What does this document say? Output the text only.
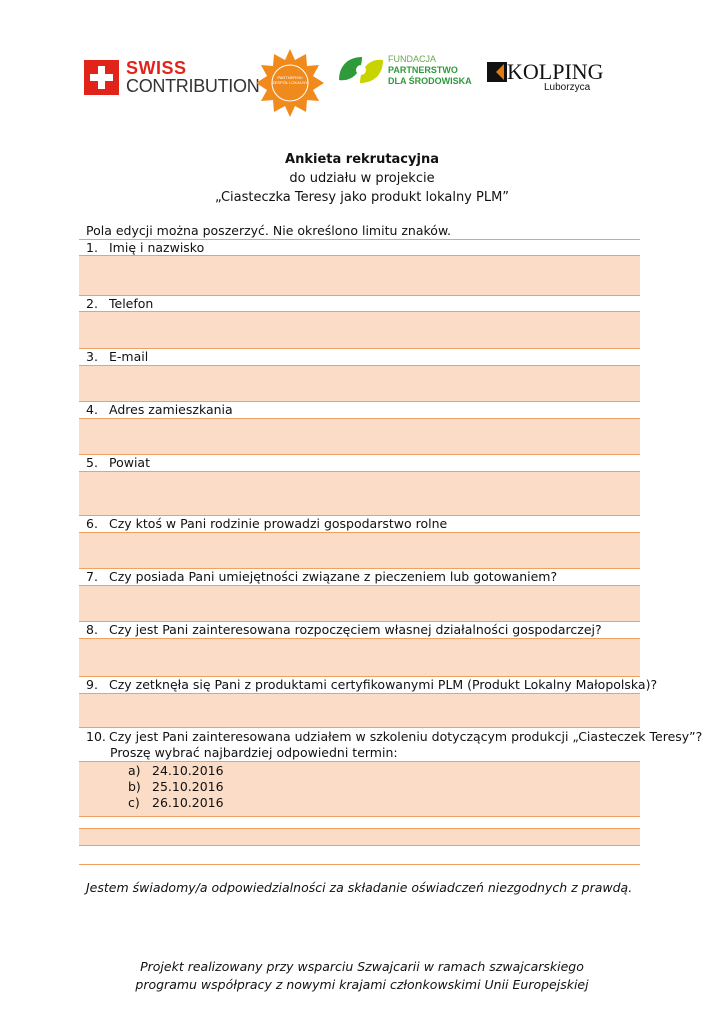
SWISS
CONTRIBUTION	PARTNERSKI ZESPÓŁ LOKALNY
FUNDACJA
PARTNERSTWO
DLA ŚRODOWISKA KOLPING
Luborzyca
Ankieta rekrutacyjna
do udziału w projekcie
„Ciasteczka Teresy jako produkt lokalny PLM”
Pola edycji można poszerzyć. Nie określono limitu znaków.
1. Imię i nazwisko
2. Telefon
3. E-mail
4. Adres zamieszkania
5. Powiat
6. Czy ktoś w Pani rodzinie prowadzi gospodarstwo rolne
7. Czy posiada Pani umiejętności związane z pieczeniem lub gotowaniem?
8. Czy jest Pani zainteresowana rozpoczęciem własnej działalności gospodarczej?
9. Czy zetknęła się Pani z produktami certyfikowanymi PLM (Produkt Lokalny Małopolska)?
10. Czy jest Pani zainteresowana udziałem w szkoleniu dotyczącym produkcji „Ciasteczek Teresy”?
Proszę wybrać najbardziej odpowiedni termin:
a) 24.10.2016
b) 25.10.2016
c) 26.10.2016
Jestem świadomy/a odpowiedzialności za składanie oświadczeń niezgodnych z prawdą.
Projekt realizowany przy wsparciu Szwajcarii w ramach szwajcarskiego
programu współpracy z nowymi krajami członkowskimi Unii Europejskiej
